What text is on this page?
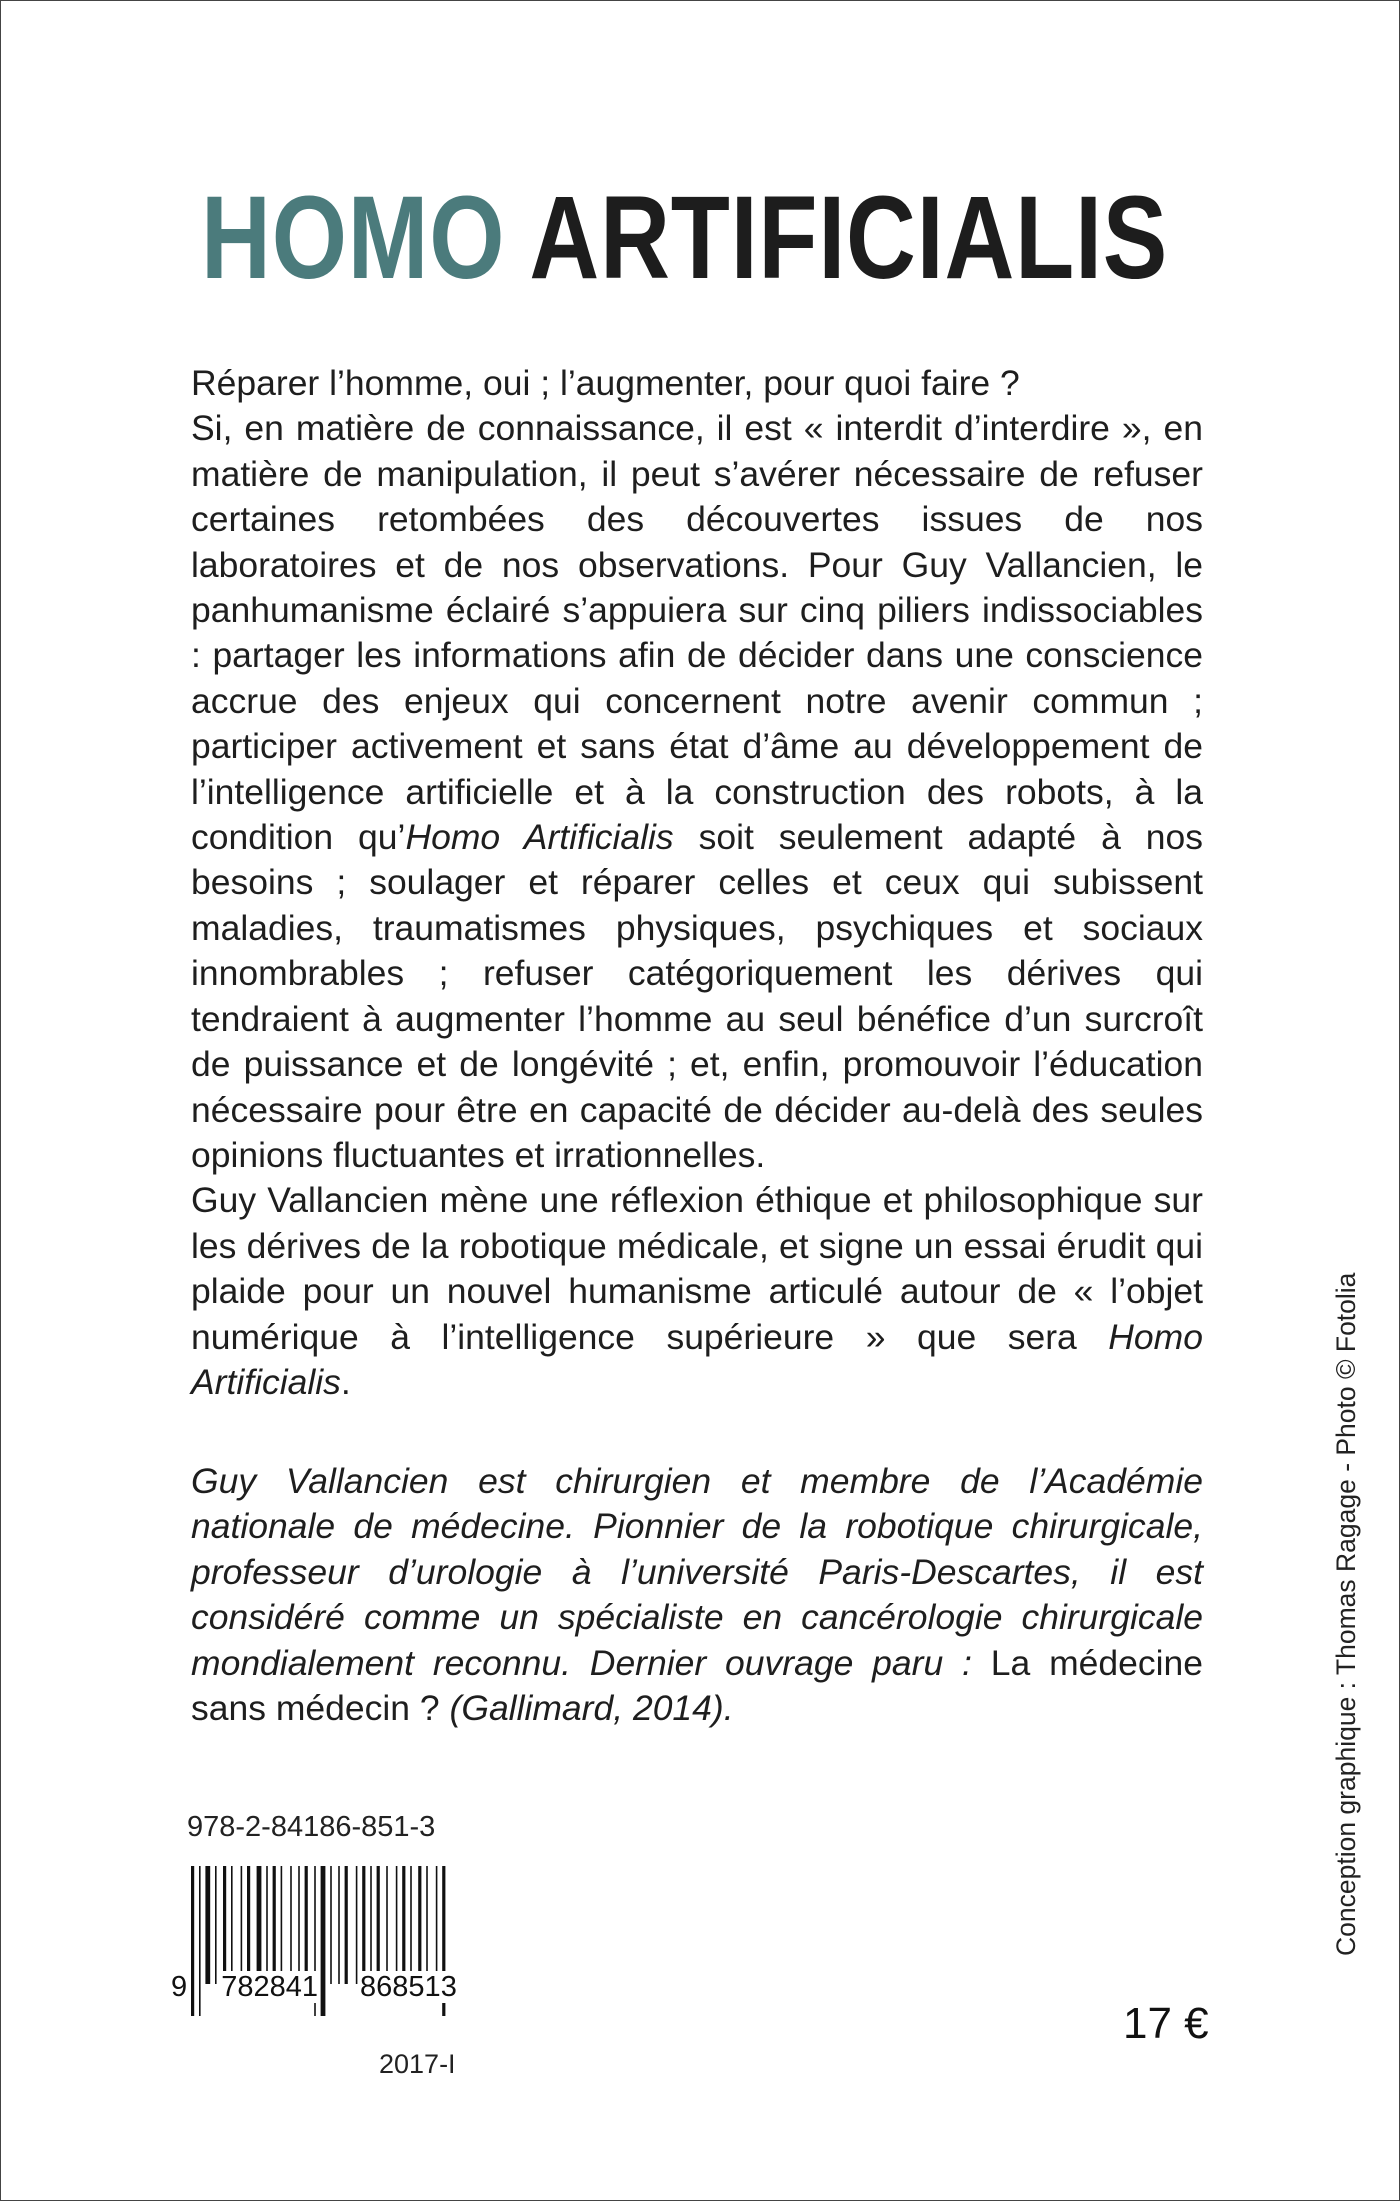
HOMO ARTIFICIALIS

Réparer l’homme, oui ; l’augmenter, pour quoi faire ?

Si, en matière de connaissance, il est « interdit d’interdire », en matière de manipulation, il peut s’avérer nécessaire de refuser certaines retombées des découvertes issues de nos laboratoires et de nos observations. Pour Guy Vallancien, le panhumanisme éclairé s’appuiera sur cinq piliers indissociables : partager les informations afin de décider dans une conscience accrue des enjeux qui concernent notre avenir commun ; participer activement et sans état d’âme au développement de l’intelligence artificielle et à la construction des robots, à la condition qu’Homo Artificialis soit seulement adapté à nos besoins ; soulager et réparer celles et ceux qui subissent maladies, traumatismes physiques, psychiques et sociaux innombrables ; refuser catégoriquement les dérives qui tendraient à augmenter l’homme au seul bénéfice d’un surcroît de puissance et de longévité ; et, enfin, promouvoir l’éducation nécessaire pour être en capacité de décider au-delà des seules opinions fluctuantes et irrationnelles.

Guy Vallancien mène une réflexion éthique et philosophique sur les dérives de la robotique médicale, et signe un essai érudit qui plaide pour un nouvel humanisme articulé autour de « l’objet numérique à l’intelligence supérieure » que sera Homo Artificialis.

Guy Vallancien est chirurgien et membre de l’Académie nationale de médecine. Pionnier de la robotique chirurgicale, professeur d’urologie à l’université Paris-Descartes, il est considéré comme un spécialiste en cancérologie chirurgicale mondialement reconnu. Dernier ouvrage paru : La médecine sans médecin ? (Gallimard, 2014).

978-2-84186-851-3
9 782841 868513
2017-I
17 €
Conception graphique : Thomas Ragage - Photo © Fotolia
